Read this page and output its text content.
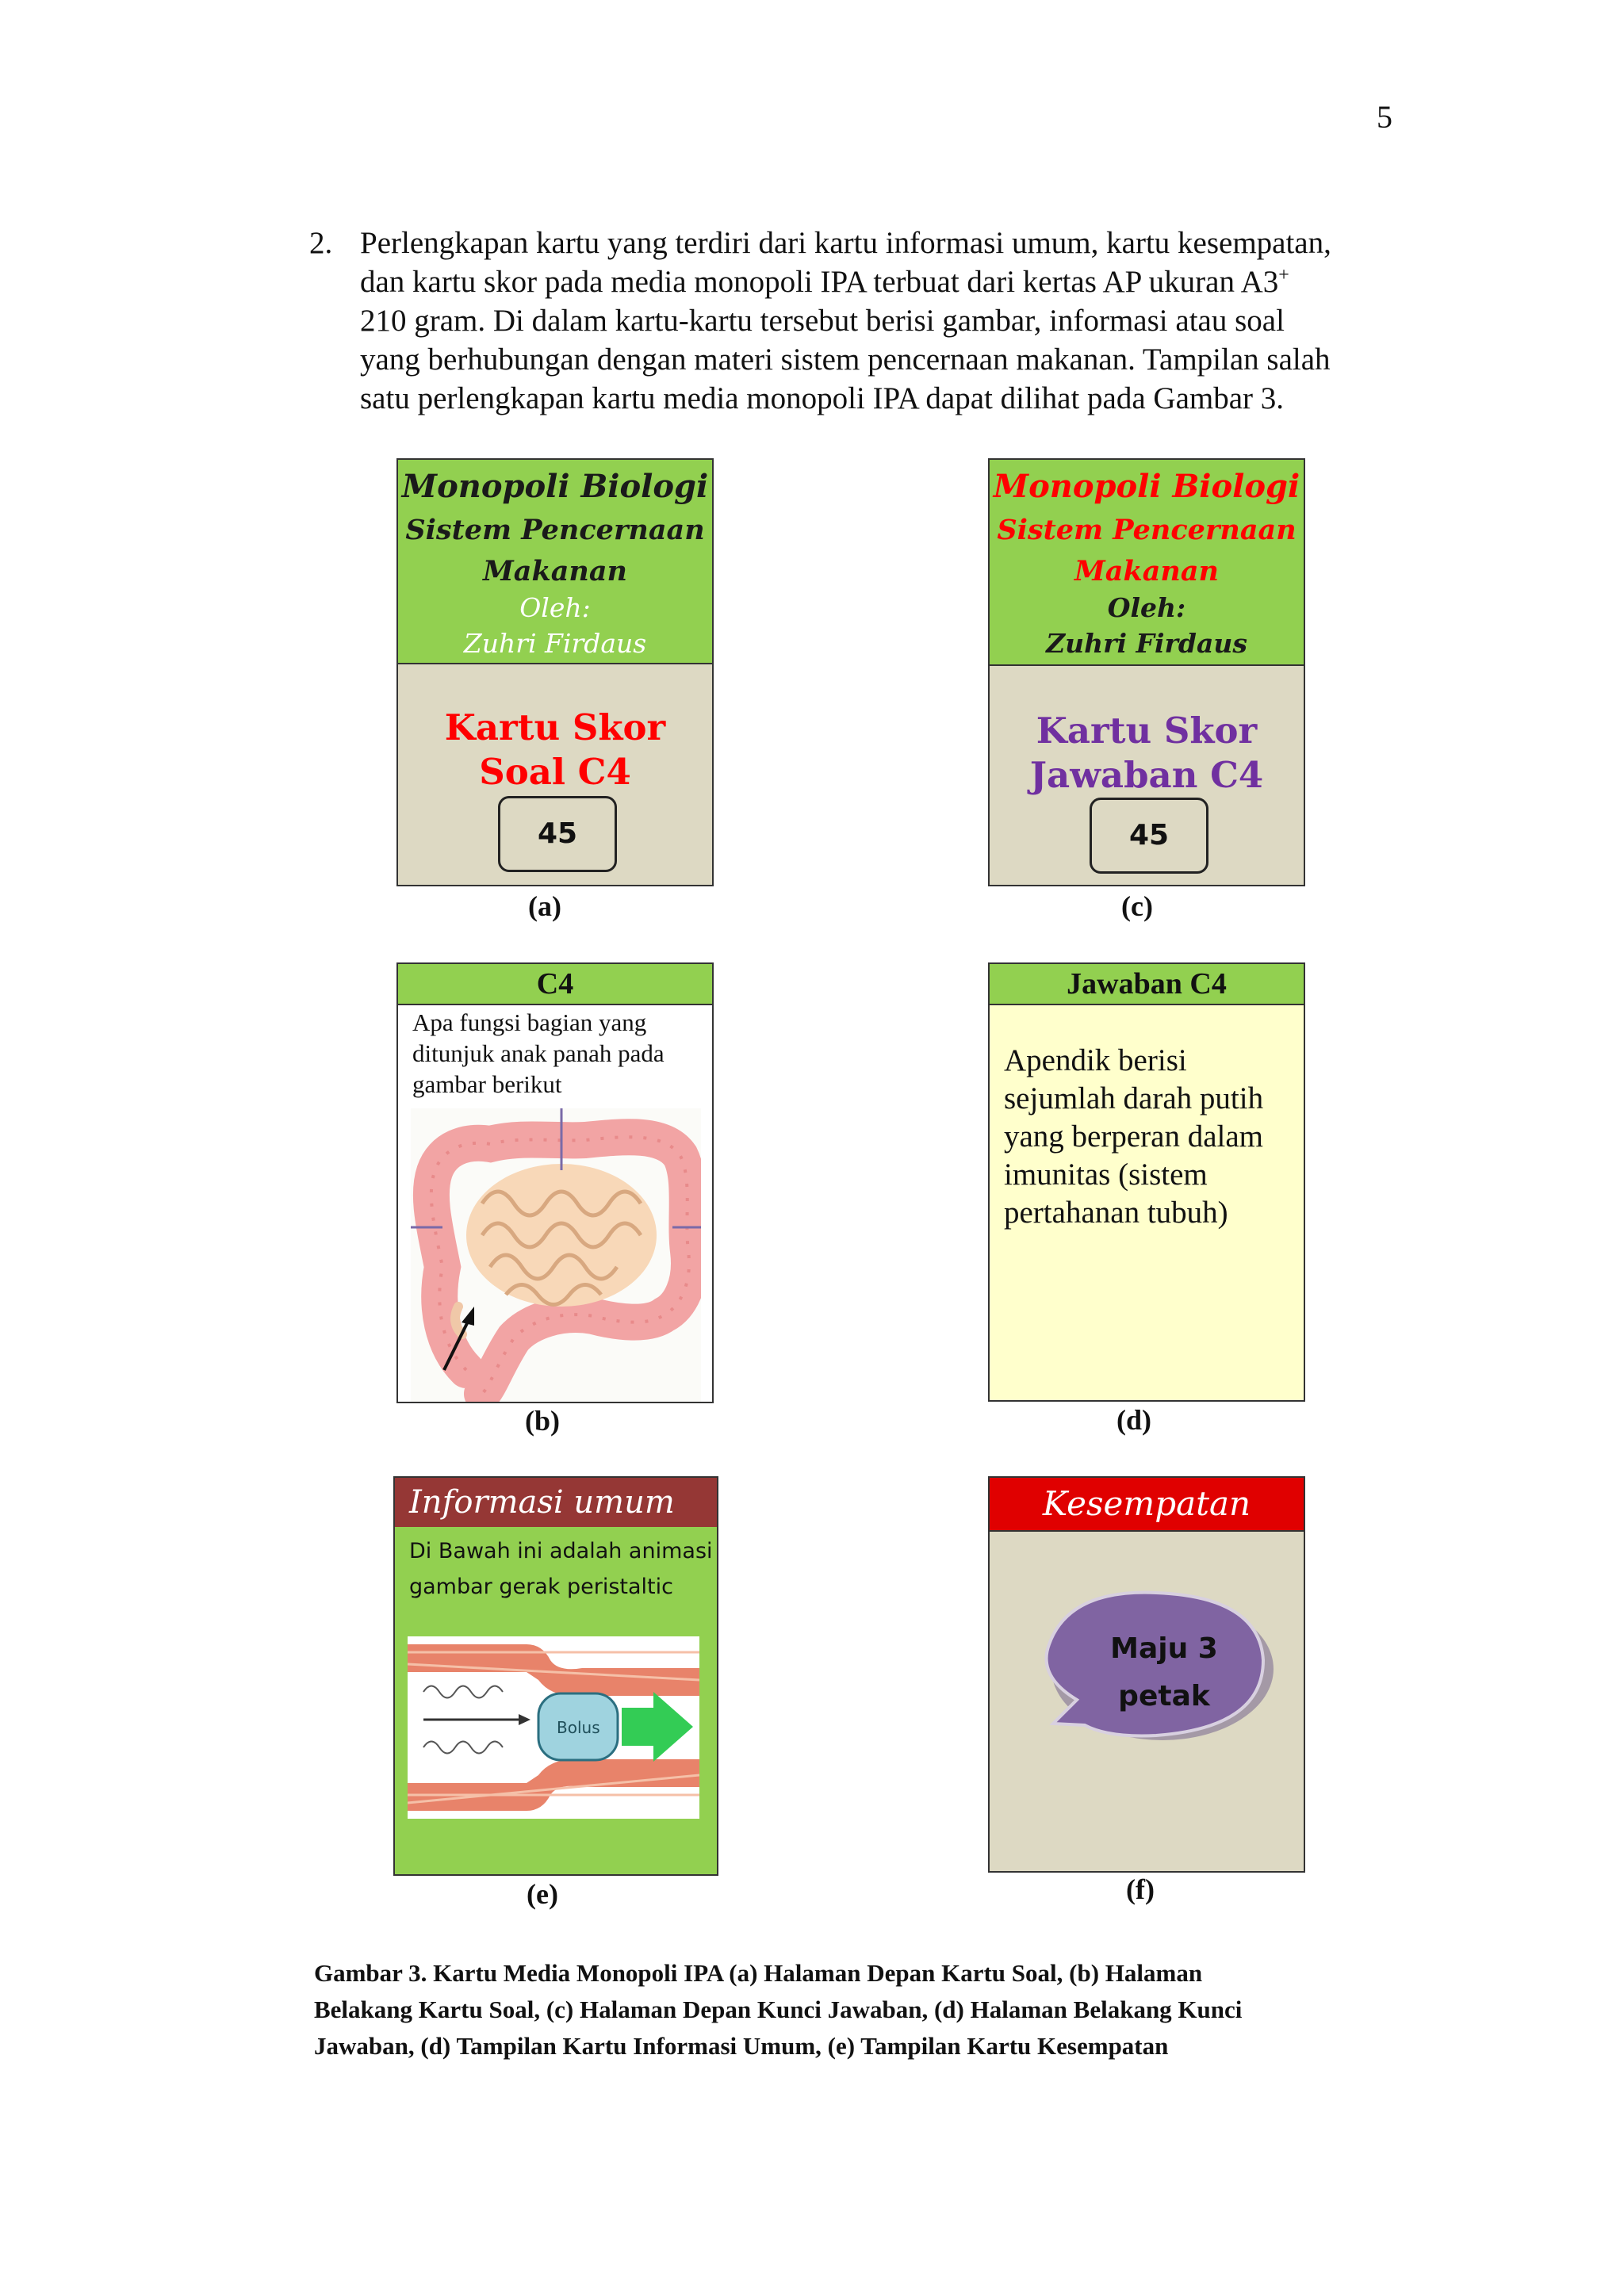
5
2. Perlengkapan kartu yang terdiri dari kartu informasi umum, kartu kesempatan,
dan kartu skor pada media monopoli IPA terbuat dari kertas AP ukuran A3+
210 gram. Di dalam kartu-kartu tersebut berisi gambar, informasi atau soal
yang berhubungan dengan materi sistem pencernaan makanan. Tampilan salah
satu perlengkapan kartu media monopoli IPA dapat dilihat pada Gambar 3.
Monopoli Biologi
Sistem Pencernaan
Makanan
Oleh:
Zuhri Firdaus
Kartu Skor
Soal C4
45
(a)
Monopoli Biologi
Sistem Pencernaan
Makanan
Oleh:
Zuhri Firdaus
Kartu Skor
Jawaban C4
45
(c)
C4
Apa fungsi bagian yang
ditunjuk anak panah pada
gambar berikut
(b)
Jawaban C4
Apendik berisi
sejumlah darah putih
yang berperan dalam
imunitas (sistem
pertahanan tubuh)
(d)
Informasi umum
Di Bawah ini adalah animasi
gambar gerak peristaltic
Bolus
(e)
Kesempatan
Maju 3
petak
(f)
Gambar 3. Kartu Media Monopoli IPA (a) Halaman Depan Kartu Soal, (b) Halaman
Belakang Kartu Soal, (c) Halaman Depan Kunci Jawaban, (d) Halaman Belakang Kunci
Jawaban, (d) Tampilan Kartu Informasi Umum, (e) Tampilan Kartu Kesempatan
